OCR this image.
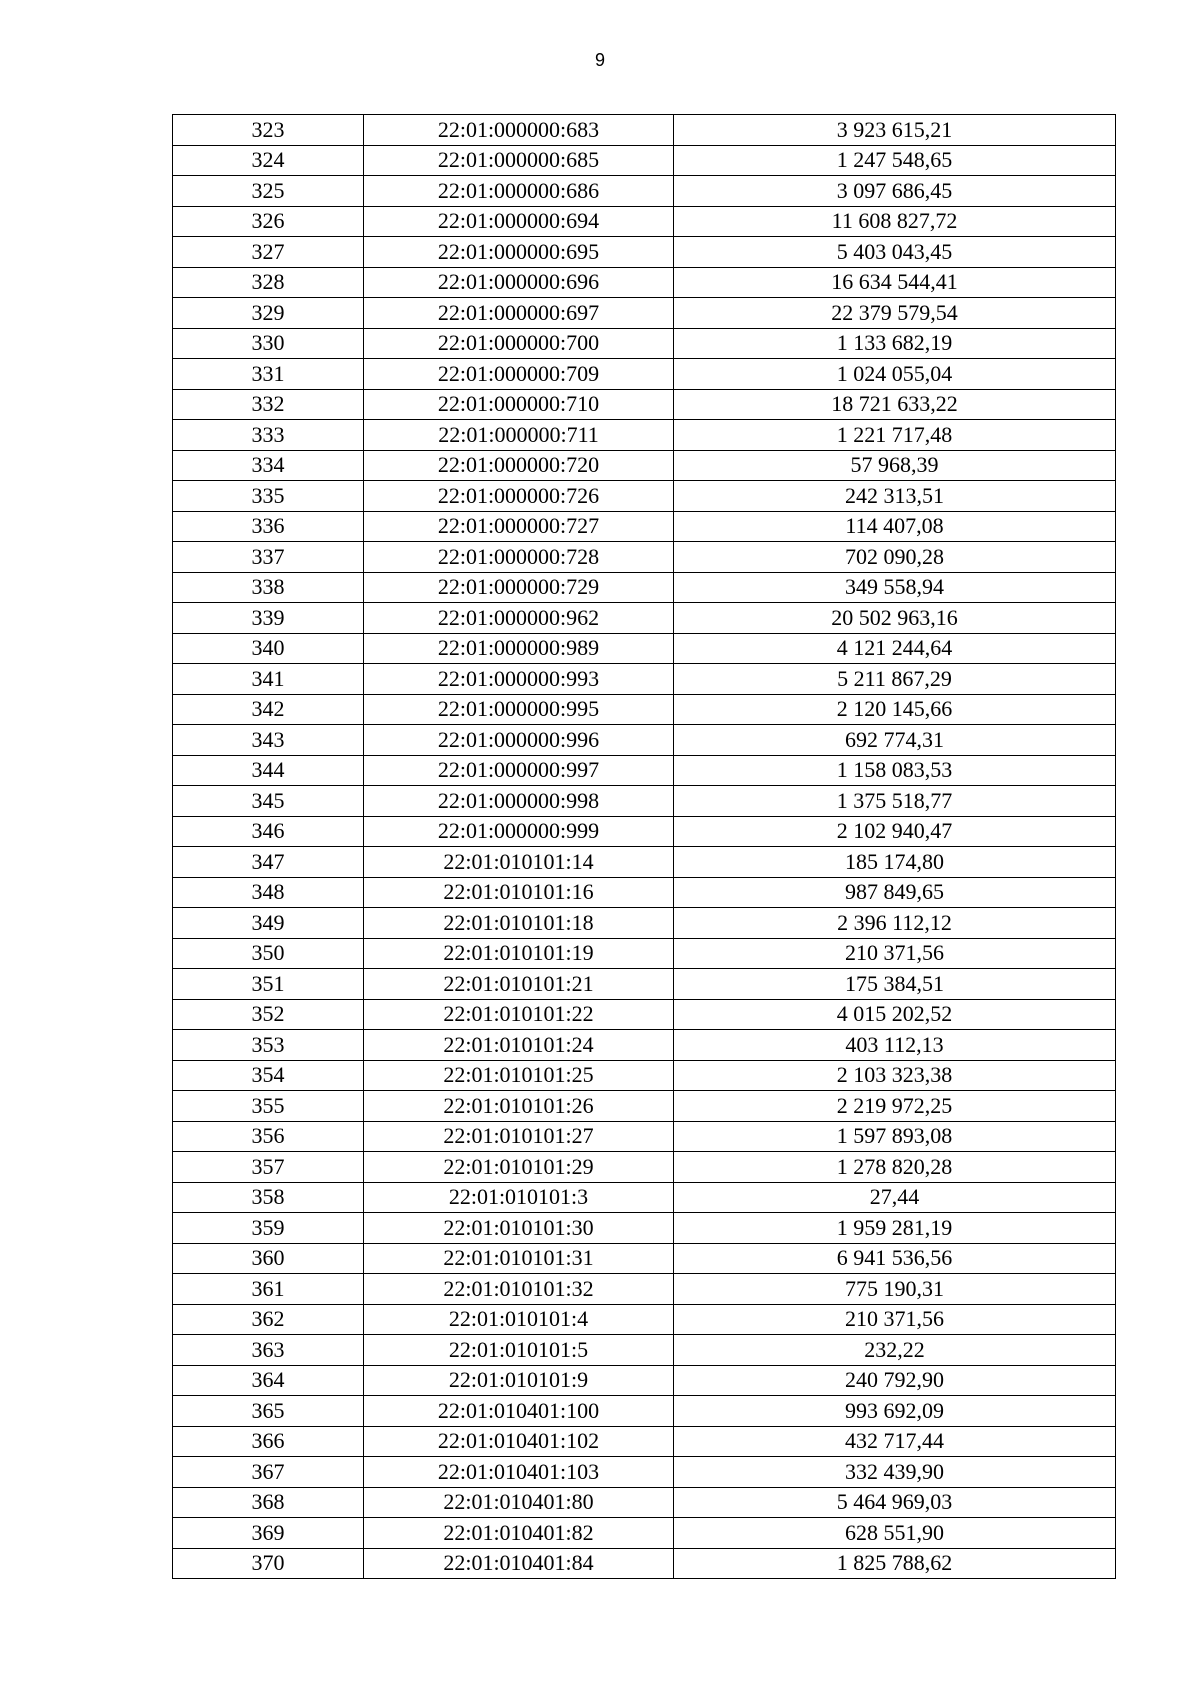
9
323	22:01:000000:683	3 923 615,21
324	22:01:000000:685	1 247 548,65
325	22:01:000000:686	3 097 686,45
326	22:01:000000:694	11 608 827,72
327	22:01:000000:695	5 403 043,45
328	22:01:000000:696	16 634 544,41
329	22:01:000000:697	22 379 579,54
330	22:01:000000:700	1 133 682,19
331	22:01:000000:709	1 024 055,04
332	22:01:000000:710	18 721 633,22
333	22:01:000000:711	1 221 717,48
334	22:01:000000:720	57 968,39
335	22:01:000000:726	242 313,51
336	22:01:000000:727	114 407,08
337	22:01:000000:728	702 090,28
338	22:01:000000:729	349 558,94
339	22:01:000000:962	20 502 963,16
340	22:01:000000:989	4 121 244,64
341	22:01:000000:993	5 211 867,29
342	22:01:000000:995	2 120 145,66
343	22:01:000000:996	692 774,31
344	22:01:000000:997	1 158 083,53
345	22:01:000000:998	1 375 518,77
346	22:01:000000:999	2 102 940,47
347	22:01:010101:14	185 174,80
348	22:01:010101:16	987 849,65
349	22:01:010101:18	2 396 112,12
350	22:01:010101:19	210 371,56
351	22:01:010101:21	175 384,51
352	22:01:010101:22	4 015 202,52
353	22:01:010101:24	403 112,13
354	22:01:010101:25	2 103 323,38
355	22:01:010101:26	2 219 972,25
356	22:01:010101:27	1 597 893,08
357	22:01:010101:29	1 278 820,28
358	22:01:010101:3	27,44
359	22:01:010101:30	1 959 281,19
360	22:01:010101:31	6 941 536,56
361	22:01:010101:32	775 190,31
362	22:01:010101:4	210 371,56
363	22:01:010101:5	232,22
364	22:01:010101:9	240 792,90
365	22:01:010401:100	993 692,09
366	22:01:010401:102	432 717,44
367	22:01:010401:103	332 439,90
368	22:01:010401:80	5 464 969,03
369	22:01:010401:82	628 551,90
370	22:01:010401:84	1 825 788,62
